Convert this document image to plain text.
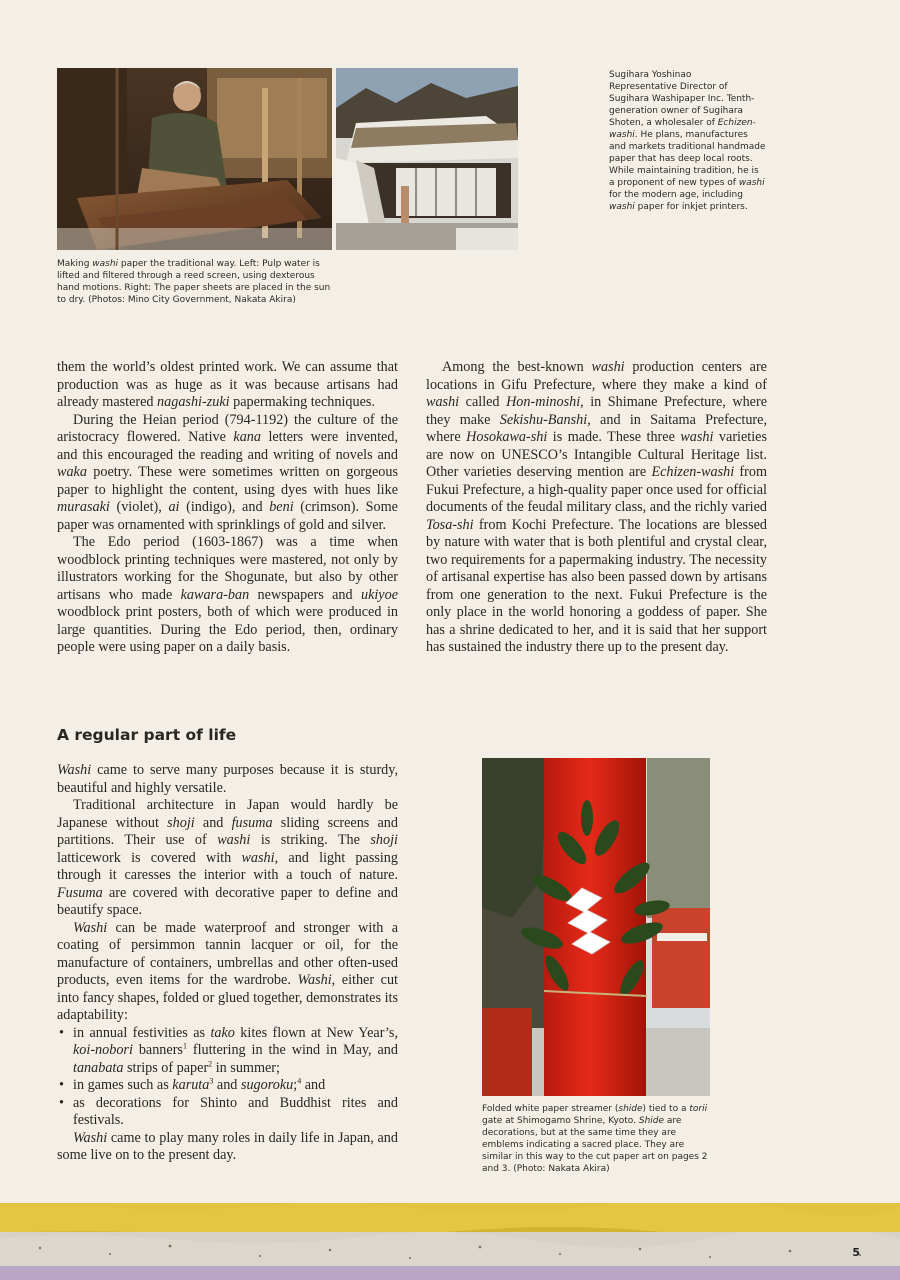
Making washi paper the traditional way. Left: Pulp water is lifted and filtered through a reed screen, using dexterous hand motions. Right: The paper sheets are placed in the sun to dry. (Photos: Mino City Government, Nakata Akira)
Sugihara Yoshinao
Representative Director of Sugihara Washipaper Inc. Tenth-generation owner of Sugihara Shoten, a wholesaler of Echizen-washi. He plans, manufactures and markets traditional handmade paper that has deep local roots. While maintaining tradition, he is a proponent of new types of washi for the modern age, including washi paper for inkjet printers.

them the world’s oldest printed work. We can assume that production was as huge as it was because artisans had already mastered nagashi-zuki papermaking techniques.

During the Heian period (794-1192) the culture of the aristocracy flowered. Native kana letters were invented, and this encouraged the reading and writing of novels and waka poetry. These were sometimes written on gorgeous paper to highlight the content, using dyes with hues like murasaki (violet), ai (indigo), and beni (crimson). Some paper was ornamented with sprinklings of gold and silver.

The Edo period (1603-1867) was a time when woodblock printing techniques were mastered, not only by illustrators working for the Shogunate, but also by other artisans who made kawara-ban newspapers and ukiyoe woodblock print posters, both of which were produced in large quantities. During the Edo period, then, ordinary people were using paper on a daily basis.

Among the best-known washi production centers are locations in Gifu Prefecture, where they make a kind of washi called Hon-minoshi, in Shimane Prefecture, where they make Sekishu-Banshi, and in Saitama Prefecture, where Hosokawa-shi is made. These three washi varieties are now on UNESCO’s Intangible Cultural Heritage list. Other varieties deserving mention are Echizen-washi from Fukui Prefecture, a high-quality paper once used for official documents of the feudal military class, and the richly varied Tosa-shi from Kochi Prefecture. The locations are blessed by nature with water that is both plentiful and crystal clear, two requirements for a papermaking industry. The necessity of artisanal expertise has also been passed down by artisans from one generation to the next. Fukui Prefecture is the only place in the world honoring a goddess of paper. She has a shrine dedicated to her, and it is said that her support has sustained the industry there up to the present day.

A regular part of life

Washi came to serve many purposes because it is sturdy, beautiful and highly versatile.

Traditional architecture in Japan would hardly be Japanese without shoji and fusuma sliding screens and partitions. Their use of washi is striking. The shoji latticework is covered with washi, and light passing through it caresses the interior with a touch of nature. Fusuma are covered with decorative paper to define and beautify space.

Washi can be made waterproof and stronger with a coating of persimmon tannin lacquer or oil, for the manufacture of containers, umbrellas and other often-used products, even items for the wardrobe. Washi, either cut into fancy shapes, folded or glued together, demonstrates its adaptability:

• in annual festivities as tako kites flown at New Year’s, koi-nobori banners$^1$ fluttering in the wind in May, and tanabata strips of paper$^2$ in summer;
• in games such as karuta$^3$ and sugoroku;$^4$ and
• as decorations for Shinto and Buddhist rites and festivals.

Washi came to play many roles in daily life in Japan, and some live on to the present day.

Folded white paper streamer (shide) tied to a torii gate at Shimogamo Shrine, Kyoto. Shide are decorations, but at the same time they are emblems indicating a sacred place. They are similar in this way to the cut paper art on pages 2 and 3. (Photo: Nakata Akira)
5
